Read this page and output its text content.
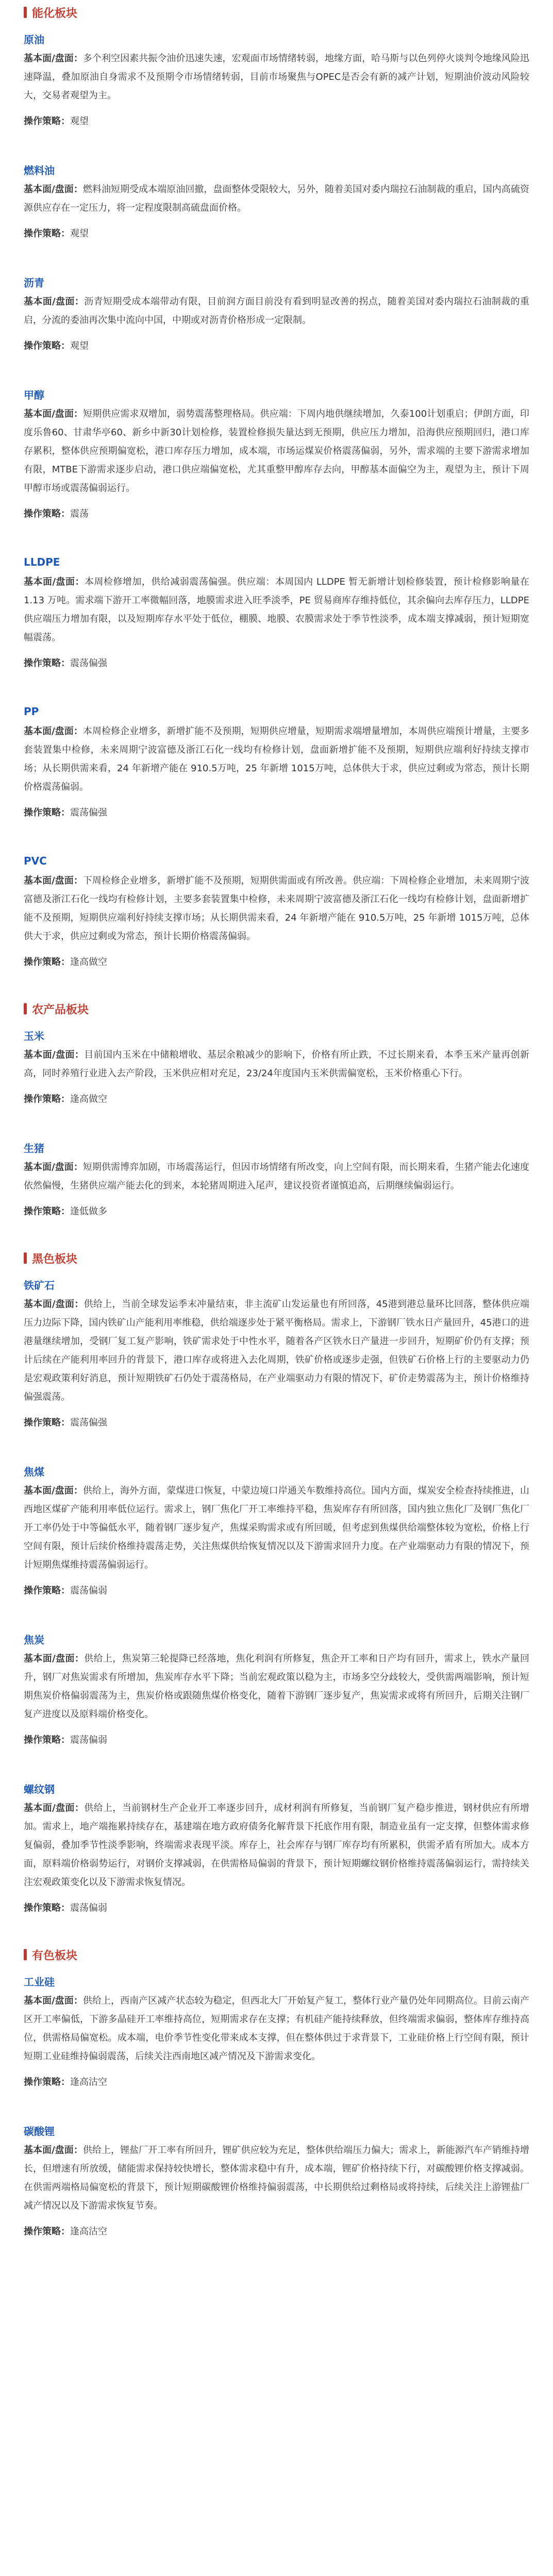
能化板块
原油

基本面/盘面：多个利空因素共振令油价迅速失速，宏观面市场情绪转弱，地缘方面，哈马斯与以色列停火谈判令地缘风险迅速降温，叠加原油自身需求不及预期令市场情绪转弱，目前市场聚焦与OPEC是否会有新的减产计划，短期油价波动风险较大，交易者观望为主。

操作策略：观望

燃料油

基本面/盘面：燃料油短期受成本端原油回撤，盘面整体受限较大，另外，随着美国对委内瑞拉石油制裁的重启，国内高硫资源供应存在一定压力，将一定程度限制高硫盘面价格。

操作策略：观望

沥青

基本面/盘面：沥青短期受成本端带动有限，目前润方面目前没有看到明显改善的拐点，随着美国对委内瑞拉石油制裁的重启，分流的委油再次集中流向中国，中期或对沥青价格形成一定限制。

操作策略：观望

甲醇

基本面/盘面：短期供应需求双增加，弱势震荡整理格局。供应端：下周内地供继续增加，久泰100计划重启；伊朗方面，印度乐鲁60、甘肃华亭60、新乡中新30计划检修，装置检修损失量达到无预期，供应压力增加，沿海供应预期回归，港口库存累积，整体供应预期偏宽松，港口库存压力增加，成本端，市场运煤炭价格震荡偏弱，另外，需求端的主要下游需求增加有限，MTBE下游需求逐步启动，港口供应端偏宽松，尤其重整甲醇库存去向，甲醇基本面偏空为主，观望为主，预计下周甲醇市场或震荡偏弱运行。

操作策略：震荡

LLDPE

基本面/盘面：本周检修增加，供给减弱震荡偏强。供应端：本周国内 LLDPE 暂无新增计划检修装置，预计检修影响量在 1.13 万吨。需求端下游开工率微幅回落，地膜需求进入旺季淡季，PE 贸易商库存维持低位，其余偏向去库存压力，LLDPE 供应端压力增加有限，以及短期库存水平处于低位，棚膜、地膜、农膜需求处于季节性淡季，成本端支撑减弱，预计短期宽幅震荡。

操作策略：震荡偏强

PP

基本面/盘面：本周检修企业增多，新增扩能不及预期，短期供应增量，短期需求端增量增加，本周供应端预计增量，主要多套装置集中检修，未来周期宁波富德及浙江石化一线均有检修计划，盘面新增扩能不及预期，短期供应端利好持续支撑市场；从长期供需来看，24 年新增产能在 910.5万吨，25 年新增 1015万吨，总体供大于求，供应过剩或为常态，预计长期价格震荡偏弱。

操作策略：震荡偏强

PVC

基本面/盘面：下周检修企业增多，新增扩能不及预期，短期供需面或有所改善。供应端：下周检修企业增加，未来周期宁波富德及浙江石化一线均有检修计划，主要多套装置集中检修，未来周期宁波富德及浙江石化一线均有检修计划，盘面新增扩能不及预期，短期供应端利好持续支撑市场；从长期供需来看，24 年新增产能在 910.5万吨，25 年新增 1015万吨，总体供大于求，供应过剩或为常态，预计长期价格震荡偏弱。

操作策略：逢高做空

农产品板块
玉米

基本面/盘面：目前国内玉米在中储粮增收、基层余粮减少的影响下，价格有所止跌，不过长期来看，本季玉米产量再创新高，同时养殖行业进入去产阶段，玉米供应相对充足，23/24年度国内玉米供需偏宽松，玉米价格重心下行。

操作策略：逢高做空

生猪

基本面/盘面：短期供需博弈加剧，市场震荡运行，但因市场情绪有所改变，向上空间有限，而长期来看，生猪产能去化速度依然偏慢，生猪供应端产能去化的到来，本轮猪周期进入尾声，建议投资者谨慎追高，后期继续偏弱运行。

操作策略：逢低做多

黑色板块
铁矿石

基本面/盘面：供给上，当前全球发运季末冲量结束，非主流矿山发运量也有所回落，45港到港总量环比回落，整体供应端压力边际下降，国内铁矿山产能利用率维稳，供给端逐步处于紧平衡格局。需求上，下游钢厂铁水日产量回升，45港口的进港量继续增加，受钢厂复工复产影响，铁矿需求处于中性水平，随着各产区铁水日产量进一步回升，短期矿价仍有支撑；预计后续在产能利用率回升的背景下，港口库存或将进入去化周期，铁矿价格或逐步走强，但铁矿石价格上行的主要驱动力仍是宏观政策利好消息，预计短期铁矿石仍处于震荡格局，在产业端驱动力有限的情况下，矿价走势震荡为主，预计价格维持偏强震荡。

操作策略：震荡偏强

焦煤

基本面/盘面：供给上，海外方面，蒙煤进口恢复，中蒙边境口岸通关车数维持高位。国内方面，煤炭安全检查持续推进，山西地区煤矿产能利用率低位运行。需求上，钢厂焦化厂开工率维持平稳，焦炭库存有所回落，国内独立焦化厂及钢厂焦化厂开工率仍处于中等偏低水平，随着钢厂逐步复产，焦煤采购需求或有所回暖，但考虑到焦煤供给端整体较为宽松，价格上行空间有限，预计后续价格维持震荡走势，关注焦煤供给恢复情况以及下游需求回升力度。在产业端驱动力有限的情况下，预计短期焦煤维持震荡偏弱运行。

操作策略：震荡偏弱

焦炭

基本面/盘面：供给上，焦炭第三轮提降已经落地，焦化利润有所修复，焦企开工率和日产均有回升，需求上，铁水产量回升，钢厂对焦炭需求有所增加，焦炭库存水平下降；当前宏观政策以稳为主，市场多空分歧较大，受供需两端影响，预计短期焦炭价格偏弱震荡为主，焦炭价格或跟随焦煤价格变化，随着下游钢厂逐步复产，焦炭需求或将有所回升，后期关注钢厂复产进度以及原料端价格变化。

操作策略：震荡偏弱

螺纹钢

基本面/盘面：供给上，当前钢材生产企业开工率逐步回升，成材利润有所修复，当前钢厂复产稳步推进，钢材供应有所增加。需求上，地产端拖累持续存在，基建端在地方政府债务化解背景下托底作用有限，制造业虽有一定支撑，但整体需求修复偏弱，叠加季节性淡季影响，终端需求表现平淡。库存上，社会库存与钢厂库存均有所累积，供需矛盾有所加大。成本方面，原料端价格弱势运行，对钢价支撑减弱，在供需格局偏弱的背景下，预计短期螺纹钢价格维持震荡偏弱运行，需持续关注宏观政策变化以及下游需求恢复情况。

操作策略：震荡偏弱

有色板块
工业硅

基本面/盘面：供给上，西南产区减产状态较为稳定，但西北大厂开始复产复工，整体行业产量仍处年同期高位。目前云南产区开工率偏低，下游多晶硅开工率维持高位，短期需求存在支撑；有机硅产能持续释放，但终端需求偏弱，整体库存维持高位，供需格局偏宽松。成本端，电价季节性变化带来成本支撑，但在整体供过于求背景下，工业硅价格上行空间有限，预计短期工业硅维持偏弱震荡，后续关注西南地区减产情况及下游需求变化。

操作策略：逢高沽空

碳酸锂

基本面/盘面：供给上，锂盐厂开工率有所回升，锂矿供应较为充足，整体供给端压力偏大；需求上，新能源汽车产销维持增长，但增速有所放缓，储能需求保持较快增长，整体需求稳中有升，成本端，锂矿价格持续下行，对碳酸锂价格支撑减弱。在供需两端格局偏宽松的背景下，预计短期碳酸锂价格维持偏弱震荡，中长期供给过剩格局或将持续，后续关注上游锂盐厂减产情况以及下游需求恢复节奏。

操作策略：逢高沽空
